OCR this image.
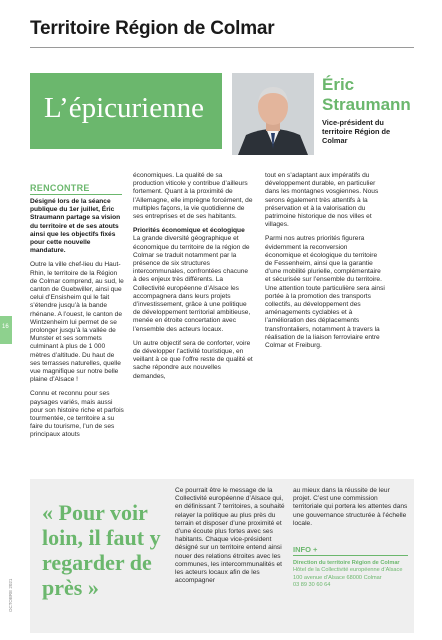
Territoire Région de Colmar
L’épicurienne
Éric
Straumann
Vice-président du territoire Région de Colmar
RENCONTRE

Désigné lors de la séance publique du 1er juillet, Éric Straumann partage sa vision du territoire et de ses atouts ainsi que les objectifs fixés pour cette nouvelle mandature.

Outre la ville chef-lieu du Haut-Rhin, le territoire de la Région de Colmar comprend, au sud, le canton de Guebwiller, ainsi que celui d’Ensisheim qui le fait s’étendre jusqu’à la bande rhénane. A l’ouest, le canton de Wintzenheim lui permet de se prolonger jusqu’à la vallée de Munster et ses sommets culminant à plus de 1 000 mètres d’altitude. Du haut de ses terrasses naturelles, quelle vue magnifique sur notre belle plaine d’Alsace !

Connu et reconnu pour ses paysages variés, mais aussi pour son histoire riche et parfois tourmentée, ce territoire a su faire du tourisme, l’un de ses principaux atouts

économiques. La qualité de sa production viticole y contribue d’ailleurs fortement. Quant à la proximité de l’Allemagne, elle imprègne forcément, de multiples façons, la vie quotidienne de ses entreprises et de ses habitants.

Priorités économique et écologique

La grande diversité géographique et économique du territoire de la région de Colmar se traduit notamment par la présence de six structures intercommunales, confrontées chacune à des enjeux très différents. La Collectivité européenne d’Alsace les accompagnera dans leurs projets d’investissement, grâce à une politique de développement territorial ambitieuse, menée en étroite concertation avec l’ensemble des acteurs locaux.

Un autre objectif sera de conforter, voire de développer l’activité touristique, en veillant à ce que l’offre reste de qualité et sache répondre aux nouvelles demandes,

tout en s’adaptant aux impératifs du développement durable, en particulier dans les montagnes vosgiennes. Nous serons également très attentifs à la préservation et à la valorisation du patrimoine historique de nos villes et villages.

Parmi nos autres priorités figurera évidemment la reconversion économique et écologique du territoire de Fessenheim, ainsi que la garantie d’une mobilité plurielle, complémentaire et sécurisée sur l’ensemble du territoire. Une attention toute particulière sera ainsi portée à la promotion des transports collectifs, au développement des aménagements cyclables et à l’amélioration des déplacements transfrontaliers, notamment à travers la réalisation de la liaison ferroviaire entre Colmar et Freiburg.

16
« Pour voir loin, il faut y regarder de près »

Ce pourrait être le message de la Collectivité européenne d’Alsace qui, en définissant 7 territoires, a souhaité relayer la politique au plus près du terrain et disposer d’une proximité et d’une écoute plus fortes avec ses habitants. Chaque vice-président désigné sur un territoire entend ainsi nouer des relations étroites avec les communes, les intercommunalités et les acteurs locaux afin de les accompagner

au mieux dans la réussite de leur projet. C’est une commission territoriale qui portera les attentes dans une gouvernance structurée à l’échelle locale.

INFO +
Direction du territoire Région de Colmar
Hôtel de la Collectivité européenne d’Alsace
100 avenue d’Alsace 68000 Colmar
03 89 30 60 64
OCTOBRE 2021
